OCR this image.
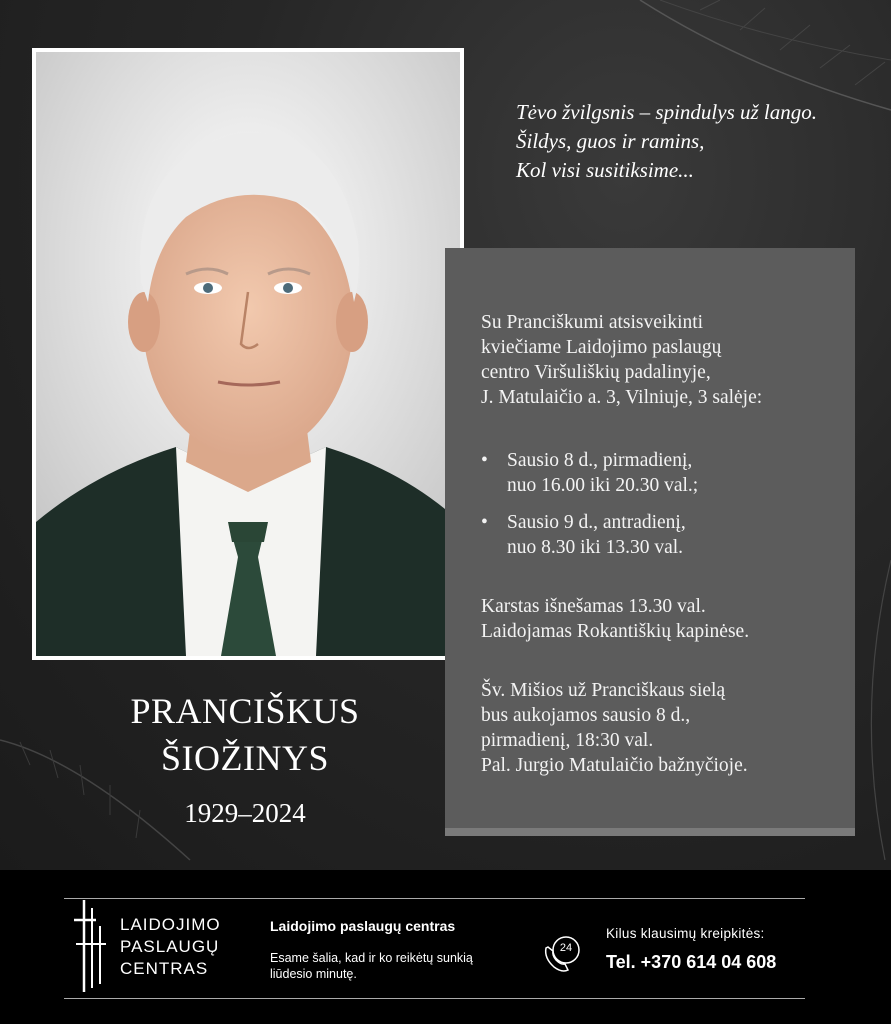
Tėvo žvilgsnis – spindulys už lango.
Šildys, guos ir ramins,
Kol visi susitiksime...
Su Pranciškumi atsisveikinti
kviečiame Laidojimo paslaugų
centro Viršuliškių padalinyje,
J. Matulaičio a. 3, Vilniuje, 3 salėje:
• Sausio 8 d., pirmadienį,
nuo 16.00 iki 20.30 val.;
• Sausio 9 d., antradienį,
nuo 8.30 iki 13.30 val.
Karstas išnešamas 13.30 val.
Laidojamas Rokantiškių kapinėse.
Šv. Mišios už Pranciškaus sielą
bus aukojamos sausio 8 d.,
pirmadienį, 18:30 val.
Pal. Jurgio Matulaičio bažnyčioje.
PRANCIŠKUS
ŠIOŽINYS
1929–2024
LAIDOJIMO
PASLAUGŲ
CENTRAS
Laidojimo paslaugų centras
Esame šalia, kad ir ko reikėtų sunkią liūdesio minutę.
24
Kilus klausimų kreipkitės:
Tel. +370 614 04 608
